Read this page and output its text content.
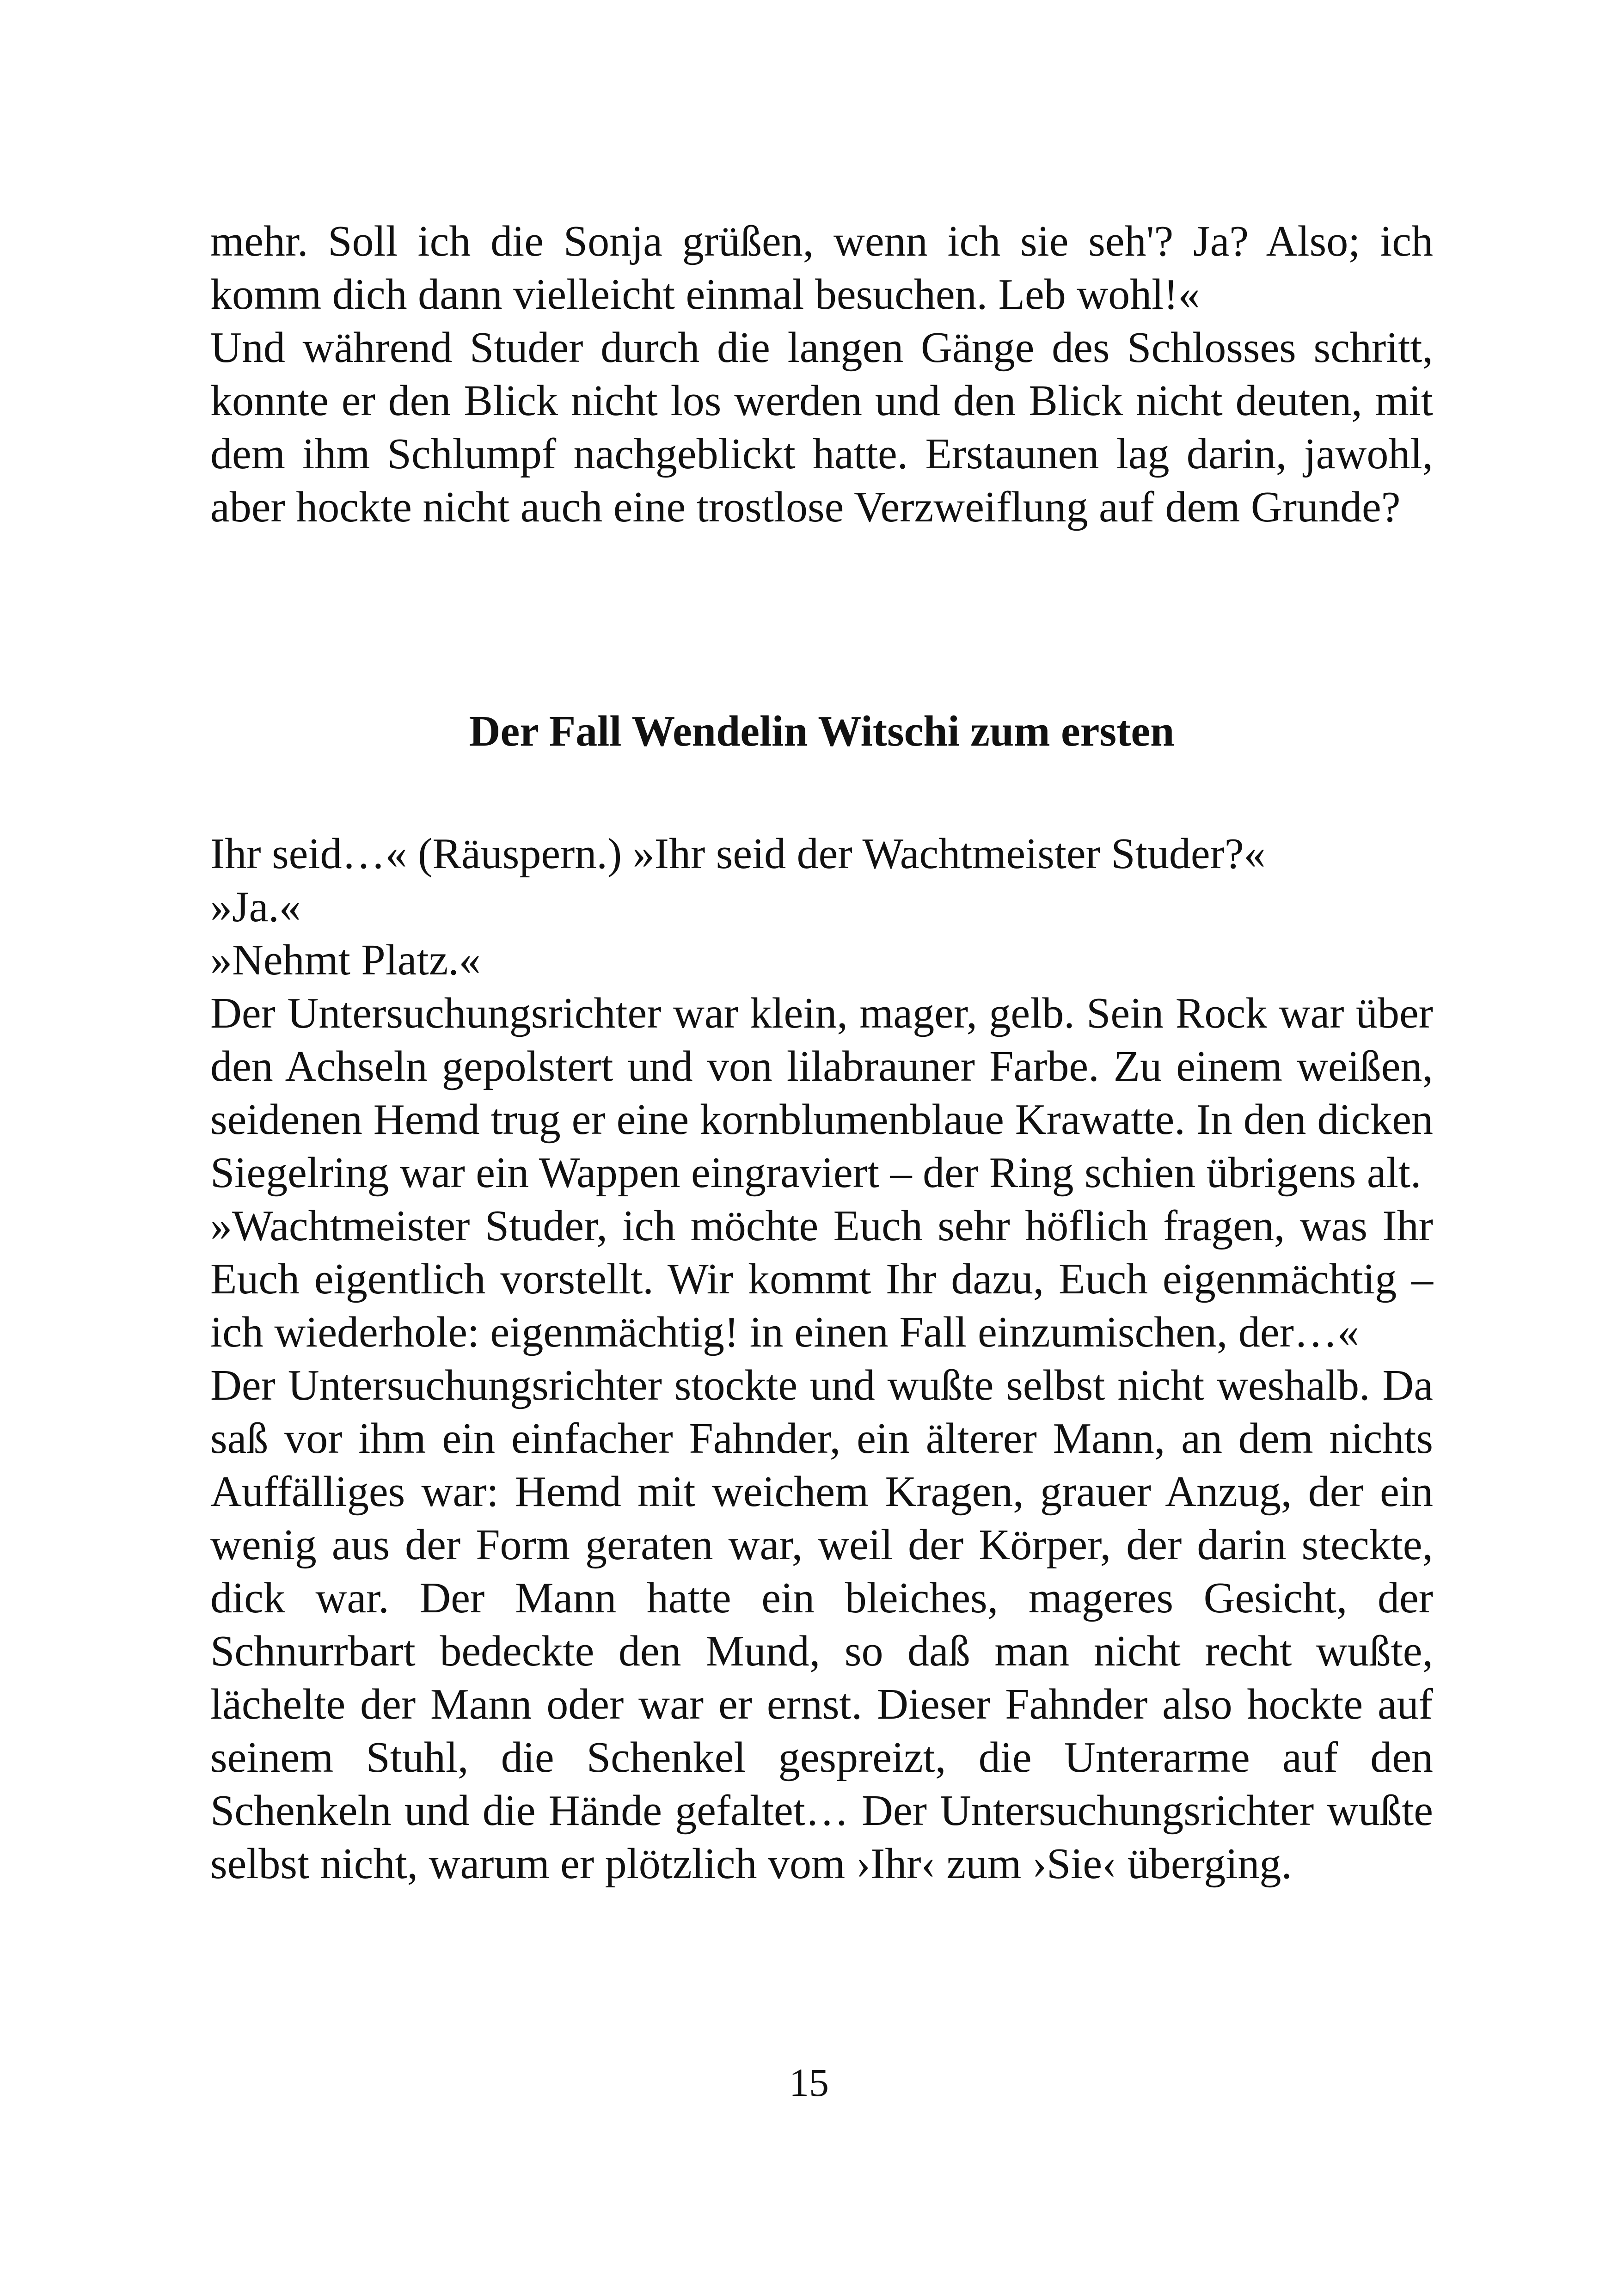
mehr. Soll ich die Sonja grüßen, wenn ich sie seh'? Ja? Also; ich komm dich dann vielleicht einmal besuchen. Leb wohl!«

Und während Studer durch die langen Gänge des Schlosses schritt, konnte er den Blick nicht los werden und den Blick nicht deuten, mit dem ihm Schlumpf nachgeblickt hatte. Erstaunen lag darin, jawohl, aber hockte nicht auch eine trostlose Verzweiflung auf dem Grunde?

Der Fall Wendelin Witschi zum ersten

Ihr seid…« (Räuspern.) »Ihr seid der Wachtmeister Studer?«

»Ja.«

»Nehmt Platz.«

Der Untersuchungsrichter war klein, mager, gelb. Sein Rock war über den Achseln gepolstert und von lilabrauner Farbe. Zu einem weißen, seidenen Hemd trug er eine kornblumenblaue Krawatte. In den dicken Siegelring war ein Wappen eingraviert – der Ring schien übrigens alt.

»Wachtmeister Studer, ich möchte Euch sehr höflich fragen, was Ihr Euch eigentlich vorstellt. Wir kommt Ihr dazu, Euch eigenmächtig – ich wiederhole: eigenmächtig! in einen Fall einzumischen, der…«

Der Untersuchungsrichter stockte und wußte selbst nicht weshalb. Da saß vor ihm ein einfacher Fahnder, ein älterer Mann, an dem nichts Auffälliges war: Hemd mit weichem Kragen, grauer Anzug, der ein wenig aus der Form geraten war, weil der Körper, der darin steckte, dick war. Der Mann hatte ein bleiches, mageres Gesicht, der Schnurrbart bedeckte den Mund, so daß man nicht recht wußte, lächelte der Mann oder war er ernst. Dieser Fahnder also hockte auf seinem Stuhl, die Schenkel gespreizt, die Unterarme auf den Schenkeln und die Hände gefaltet… Der Untersuchungsrichter wußte selbst nicht, warum er plötzlich vom ›Ihr‹ zum ›Sie‹ überging.

15
